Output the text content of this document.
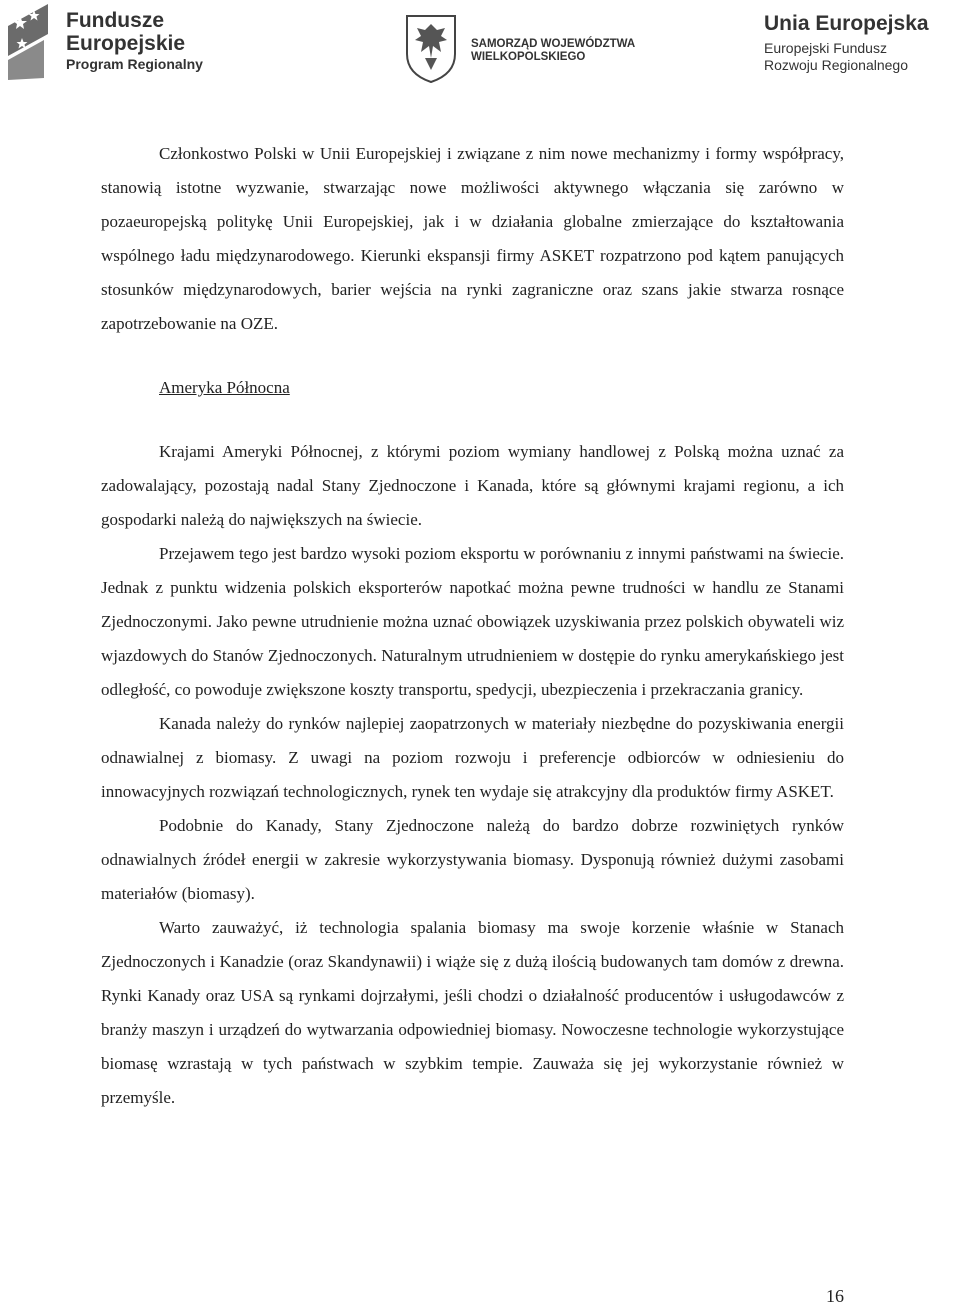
Fundusze
Europejskie
Program Regionalny
SAMORZĄD WOJEWÓDZTWA
WIELKOPOLSKIEGO
Unia Europejska
Europejski Fundusz
Rozwoju Regionalnego

Członkostwo Polski w Unii Europejskiej i związane z nim nowe mechanizmy i formy współpracy, stanowią istotne wyzwanie, stwarzając nowe możliwości aktywnego włączania się zarówno w pozaeuropejską politykę Unii Europejskiej, jak i w działania globalne zmierzające do kształtowania wspólnego ładu międzynarodowego. Kierunki ekspansji firmy ASKET rozpatrzono pod kątem panujących stosunków międzynarodowych, barier wejścia na rynki zagraniczne oraz szans jakie stwarza rosnące zapotrzebowanie na OZE.

Ameryka Północna

Krajami Ameryki Północnej, z którymi poziom wymiany handlowej z Polską można uznać za zadowalający, pozostają nadal Stany Zjednoczone i Kanada, które są głównymi krajami regionu, a ich gospodarki należą do największych na świecie.

Przejawem tego jest bardzo wysoki poziom eksportu w porównaniu z innymi państwami na świecie. Jednak z punktu widzenia polskich eksporterów napotkać można pewne trudności w handlu ze Stanami Zjednoczonymi. Jako pewne utrudnienie można uznać obowiązek uzyskiwania przez polskich obywateli wiz wjazdowych do Stanów Zjednoczonych. Naturalnym utrudnieniem w dostępie do rynku amerykańskiego jest odległość, co powoduje zwiększone koszty transportu, spedycji, ubezpieczenia i przekraczania granicy.

Kanada należy do rynków najlepiej zaopatrzonych w materiały niezbędne do pozyskiwania energii odnawialnej z biomasy. Z uwagi na poziom rozwoju i preferencje odbiorców w odniesieniu do innowacyjnych rozwiązań technologicznych, rynek ten wydaje się atrakcyjny dla produktów firmy ASKET.

Podobnie do Kanady, Stany Zjednoczone należą do bardzo dobrze rozwiniętych rynków odnawialnych źródeł energii w zakresie wykorzystywania biomasy. Dysponują również dużymi zasobami materiałów (biomasy).

Warto zauważyć, iż technologia spalania biomasy ma swoje korzenie właśnie w Stanach Zjednoczonych i Kanadzie (oraz Skandynawii) i wiąże się z dużą ilością budowanych tam domów z drewna. Rynki Kanady oraz USA są rynkami dojrzałymi, jeśli chodzi o działalność producentów i usługodawców z branży maszyn i urządzeń do wytwarzania odpowiedniej biomasy. Nowoczesne technologie wykorzystujące biomasę wzrastają w tych państwach w szybkim tempie. Zauważa się jej wykorzystanie również w przemyśle.

16
